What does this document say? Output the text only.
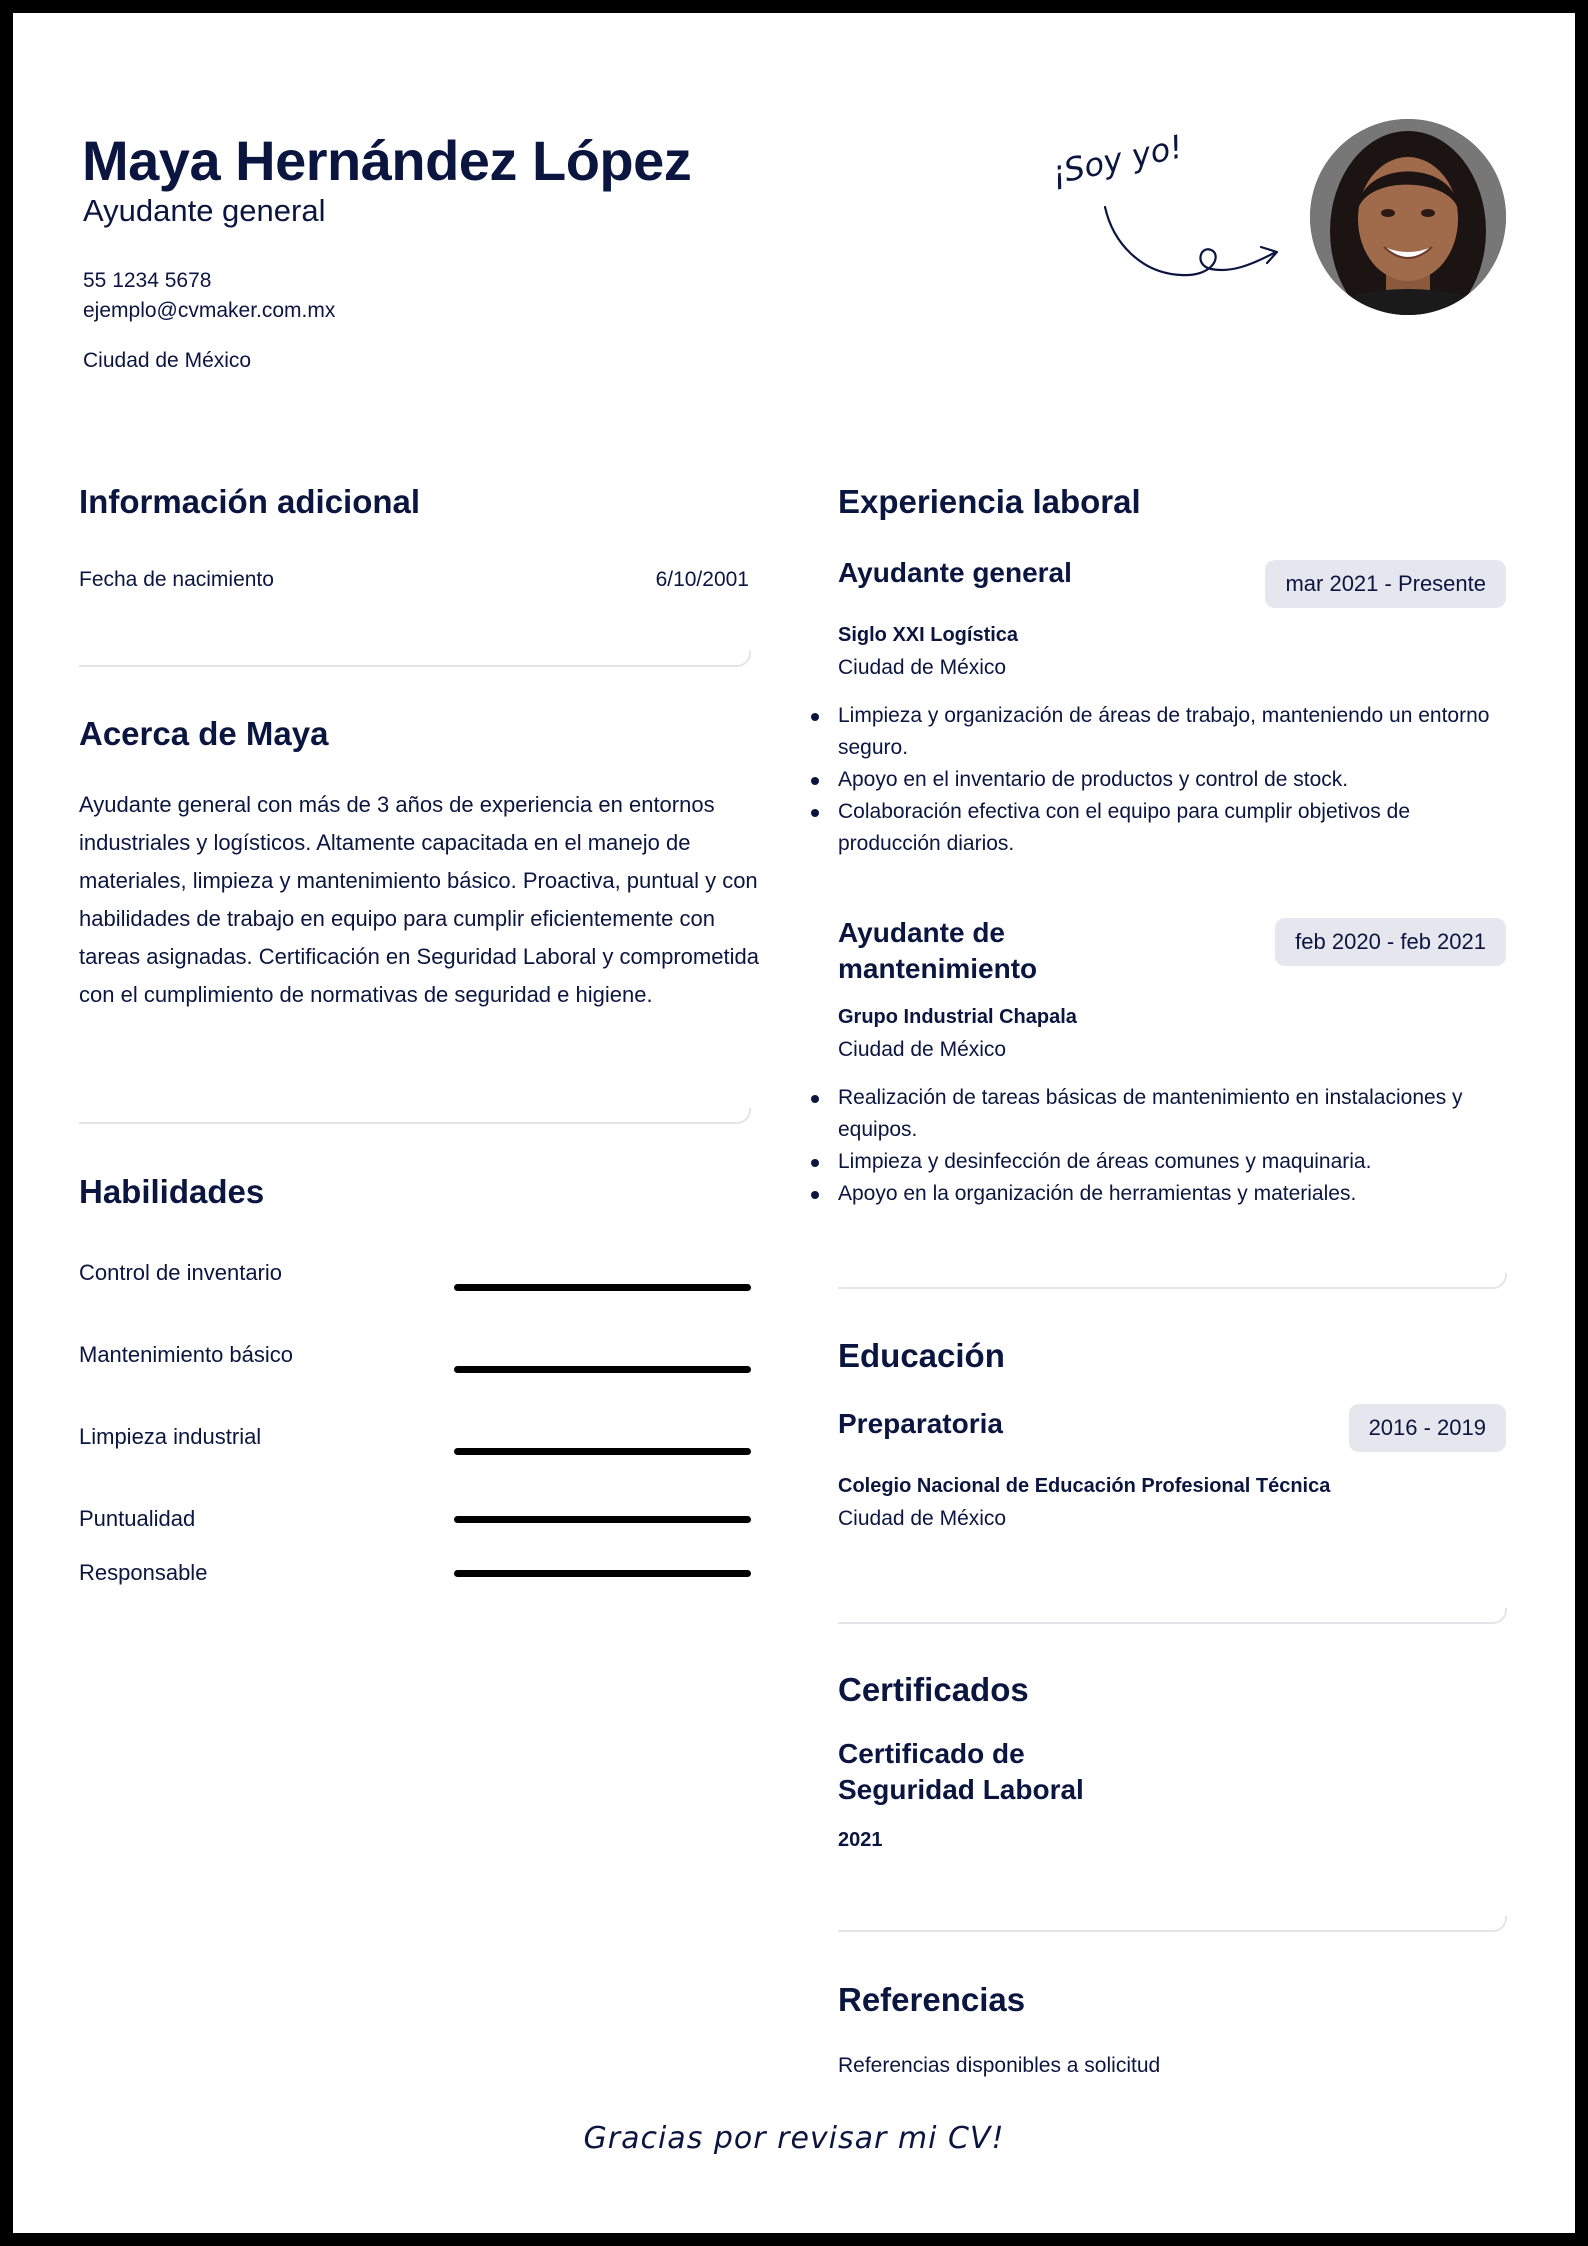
Maya Hernández López
Ayudante general
55 1234 5678
ejemplo@cvmaker.com.mx
Ciudad de México
¡Soy yo!
Información adicional
Fecha de nacimiento	6/10/2001
Acerca de Maya
Ayudante general con más de 3 años de experiencia en entornos industriales y logísticos. Altamente capacitada en el manejo de materiales, limpieza y mantenimiento básico. Proactiva, puntual y con habilidades de trabajo en equipo para cumplir eficientemente con tareas asignadas. Certificación en Seguridad Laboral y comprometida con el cumplimiento de normativas de seguridad e higiene.
Habilidades
Control de inventario
Mantenimiento básico
Limpieza industrial
Puntualidad
Responsable
Experiencia laboral
Ayudante general	mar 2021 - Presente
Siglo XXI Logística
Ciudad de México
Limpieza y organización de áreas de trabajo, manteniendo un entorno seguro.
Apoyo en el inventario de productos y control de stock.
Colaboración efectiva con el equipo para cumplir objetivos de producción diarios.
Ayudante de mantenimiento
feb 2020 - feb 2021
Grupo Industrial Chapala
Ciudad de México
Realización de tareas básicas de mantenimiento en instalaciones y equipos.
Limpieza y desinfección de áreas comunes y maquinaria.
Apoyo en la organización de herramientas y materiales.
Educación
Preparatoria	2016 - 2019
Colegio Nacional de Educación Profesional Técnica
Ciudad de México
Certificados
Certificado de Seguridad Laboral
2021
Referencias
Referencias disponibles a solicitud
Gracias por revisar mi CV!
